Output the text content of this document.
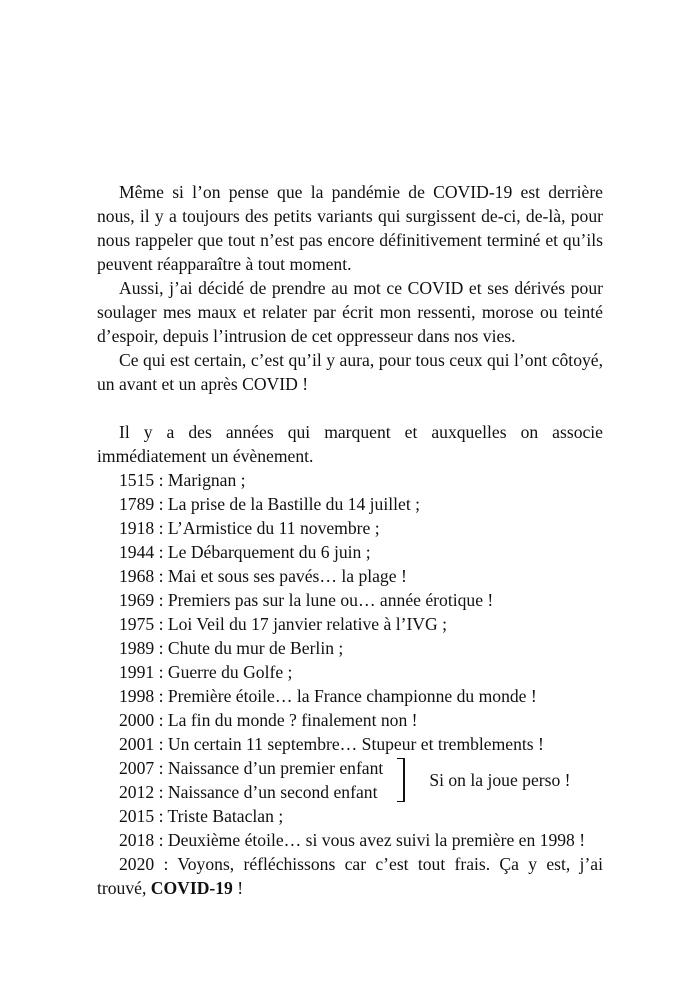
Même si l’on pense que la pandémie de COVID-19 est derrière nous, il y a toujours des petits variants qui surgissent de-ci, de-là, pour nous rappeler que tout n’est pas encore définitivement terminé et qu’ils peuvent réapparaître à tout moment.

Aussi, j’ai décidé de prendre au mot ce COVID et ses dérivés pour soulager mes maux et relater par écrit mon ressenti, morose ou teinté d’espoir, depuis l’intrusion de cet oppresseur dans nos vies.

Ce qui est certain, c’est qu’il y aura, pour tous ceux qui l’ont côtoyé, un avant et un après COVID !

Il y a des années qui marquent et auxquelles on associe immédiatement un évènement.

1515 : Marignan ;

1789 : La prise de la Bastille du 14 juillet ;

1918 : L’Armistice du 11 novembre ;

1944 : Le Débarquement du 6 juin ;

1968 : Mai et sous ses pavés… la plage !

1969 : Premiers pas sur la lune ou… année érotique !

1975 : Loi Veil du 17 janvier relative à l’IVG ;

1989 : Chute du mur de Berlin ;

1991 : Guerre du Golfe ;

1998 : Première étoile… la France championne du monde !

2000 : La fin du monde ? finalement non !

2001 : Un certain 11 septembre… Stupeur et tremblements !

2007 : Naissance d’un premier enfant

2012 : Naissance d’un second enfant

Si on la joue perso !

2015 : Triste Bataclan ;

2018 : Deuxième étoile… si vous avez suivi la première en 1998 !

2020 : Voyons, réfléchissons car c’est tout frais. Ça y est, j’ai trouvé, COVID-19 !
